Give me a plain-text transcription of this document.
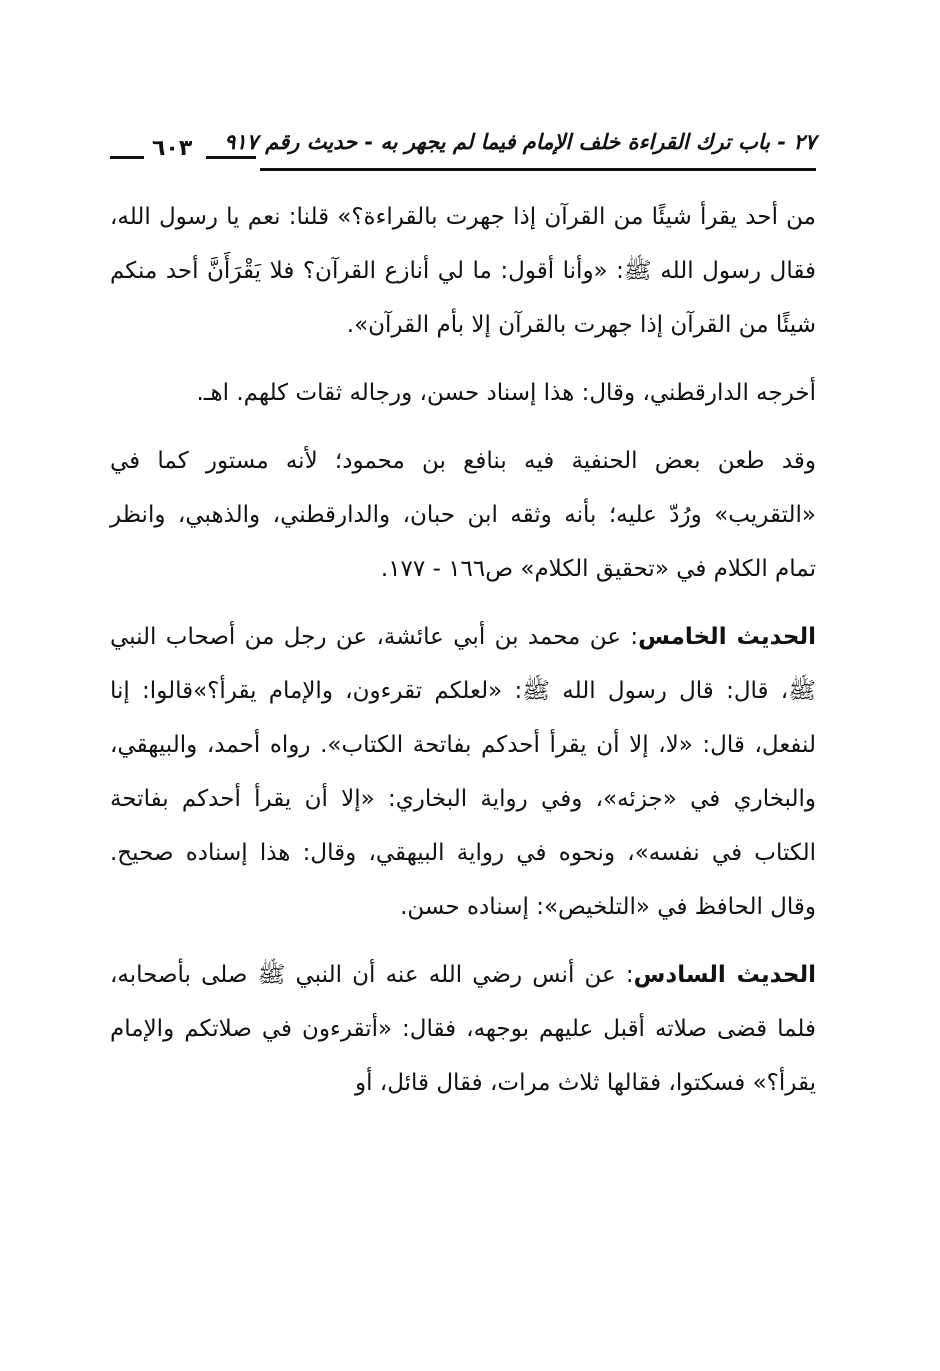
٦٠٣ ٢٧ - باب ترك القراءة خلف الإمام فيما لم يجهر به - حديث رقم ٩١٧

من أحد يقرأ شيئًا من القرآن إذا جهرت بالقراءة؟» قلنا: نعم يا رسول الله، فقال رسول الله ﷺ: «وأنا أقول: ما لي أنازع القرآن؟ فلا يَقْرَأَنَّ أحد منكم شيئًا من القرآن إذا جهرت بالقرآن إلا بأم القرآن».

أخرجه الدارقطني، وقال: هذا إسناد حسن، ورجاله ثقات كلهم. اهـ.

وقد طعن بعض الحنفية فيه بنافع بن محمود؛ لأنه مستور كما في «التقريب» ورُدّ عليه؛ بأنه وثقه ابن حبان، والدارقطني، والذهبي، وانظر تمام الكلام في «تحقيق الكلام» ص١٦٦ - ١٧٧.

الحديث الخامس: عن محمد بن أبي عائشة، عن رجل من أصحاب النبي ﷺ، قال: قال رسول الله ﷺ: «لعلكم تقرءون، والإمام يقرأ؟»قالوا: إنا لنفعل، قال: «لا، إلا أن يقرأ أحدكم بفاتحة الكتاب». رواه أحمد، والبيهقي، والبخاري في «جزئه»، وفي رواية البخاري: «إلا أن يقرأ أحدكم بفاتحة الكتاب في نفسه»، ونحوه في رواية البيهقي، وقال: هذا إسناده صحيح. وقال الحافظ في «التلخيص»: إسناده حسن.

الحديث السادس: عن أنس رضي الله عنه أن النبي ﷺ صلى بأصحابه، فلما قضى صلاته أقبل عليهم بوجهه، فقال: «أتقرءون في صلاتكم والإمام يقرأ؟» فسكتوا، فقالها ثلاث مرات، فقال قائل، أو
